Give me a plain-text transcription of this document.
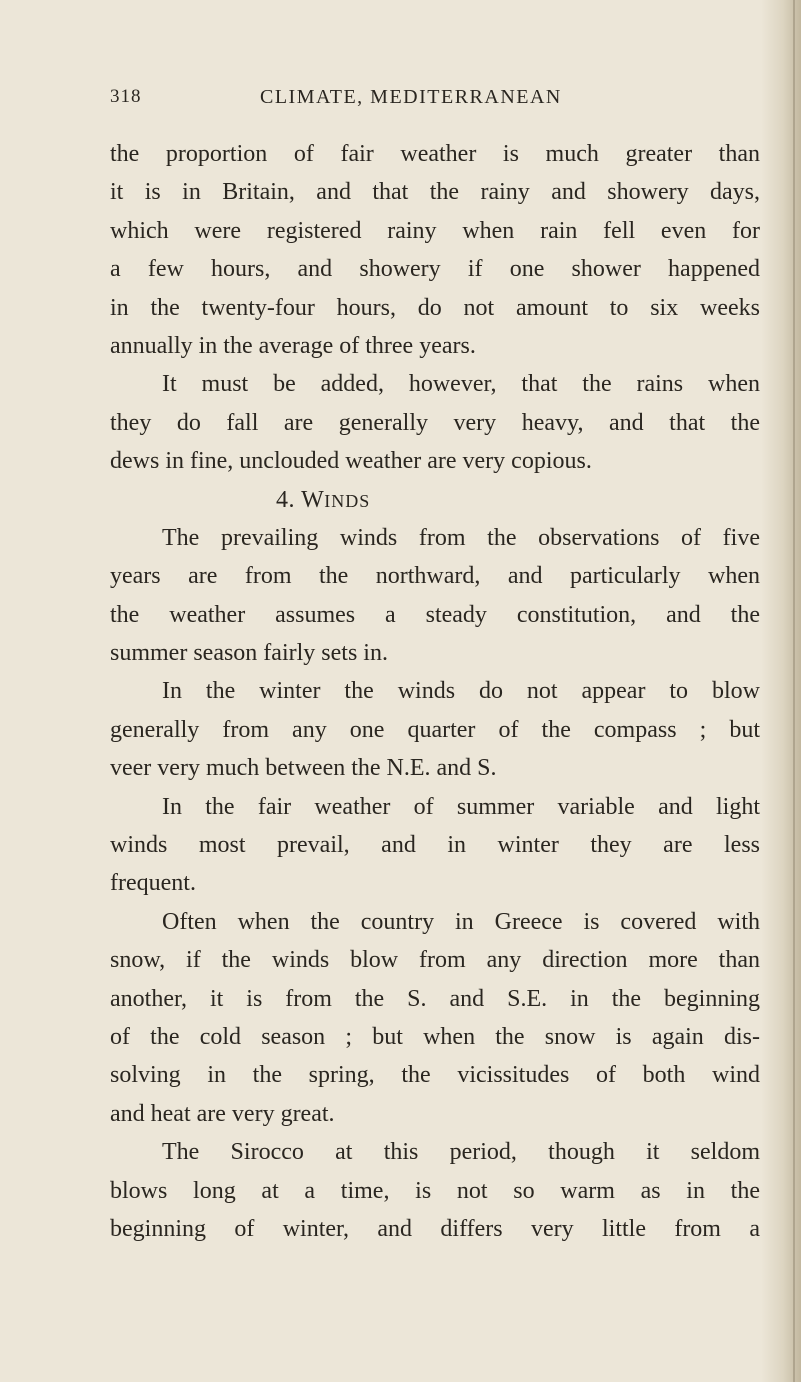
318	CLIMATE, MEDITERRANEAN
the proportion of fair weather is much greater than
it is in Britain, and that the rainy and showery days,
which were registered rainy when rain fell even for
a few hours, and showery if one shower happened
in the twenty-four hours, do not amount to six weeks
annually in the average of three years.
It must be added, however, that the rains when
they do fall are generally very heavy, and that the
dews in fine, unclouded weather are very copious.
4. WINDS
The prevailing winds from the observations of five
years are from the northward, and particularly when
the weather assumes a steady constitution, and the
summer season fairly sets in.
In the winter the winds do not appear to blow
generally from any one quarter of the compass ; but
veer very much between the N.E. and S.
In the fair weather of summer variable and light
winds most prevail, and in winter they are less
frequent.
Often when the country in Greece is covered with
snow, if the winds blow from any direction more than
another, it is from the S. and S.E. in the beginning
of the cold season ; but when the snow is again dis-
solving in the spring, the vicissitudes of both wind
and heat are very great.
The Sirocco at this period, though it seldom
blows long at a time, is not so warm as in the
beginning of winter, and differs very little from a
